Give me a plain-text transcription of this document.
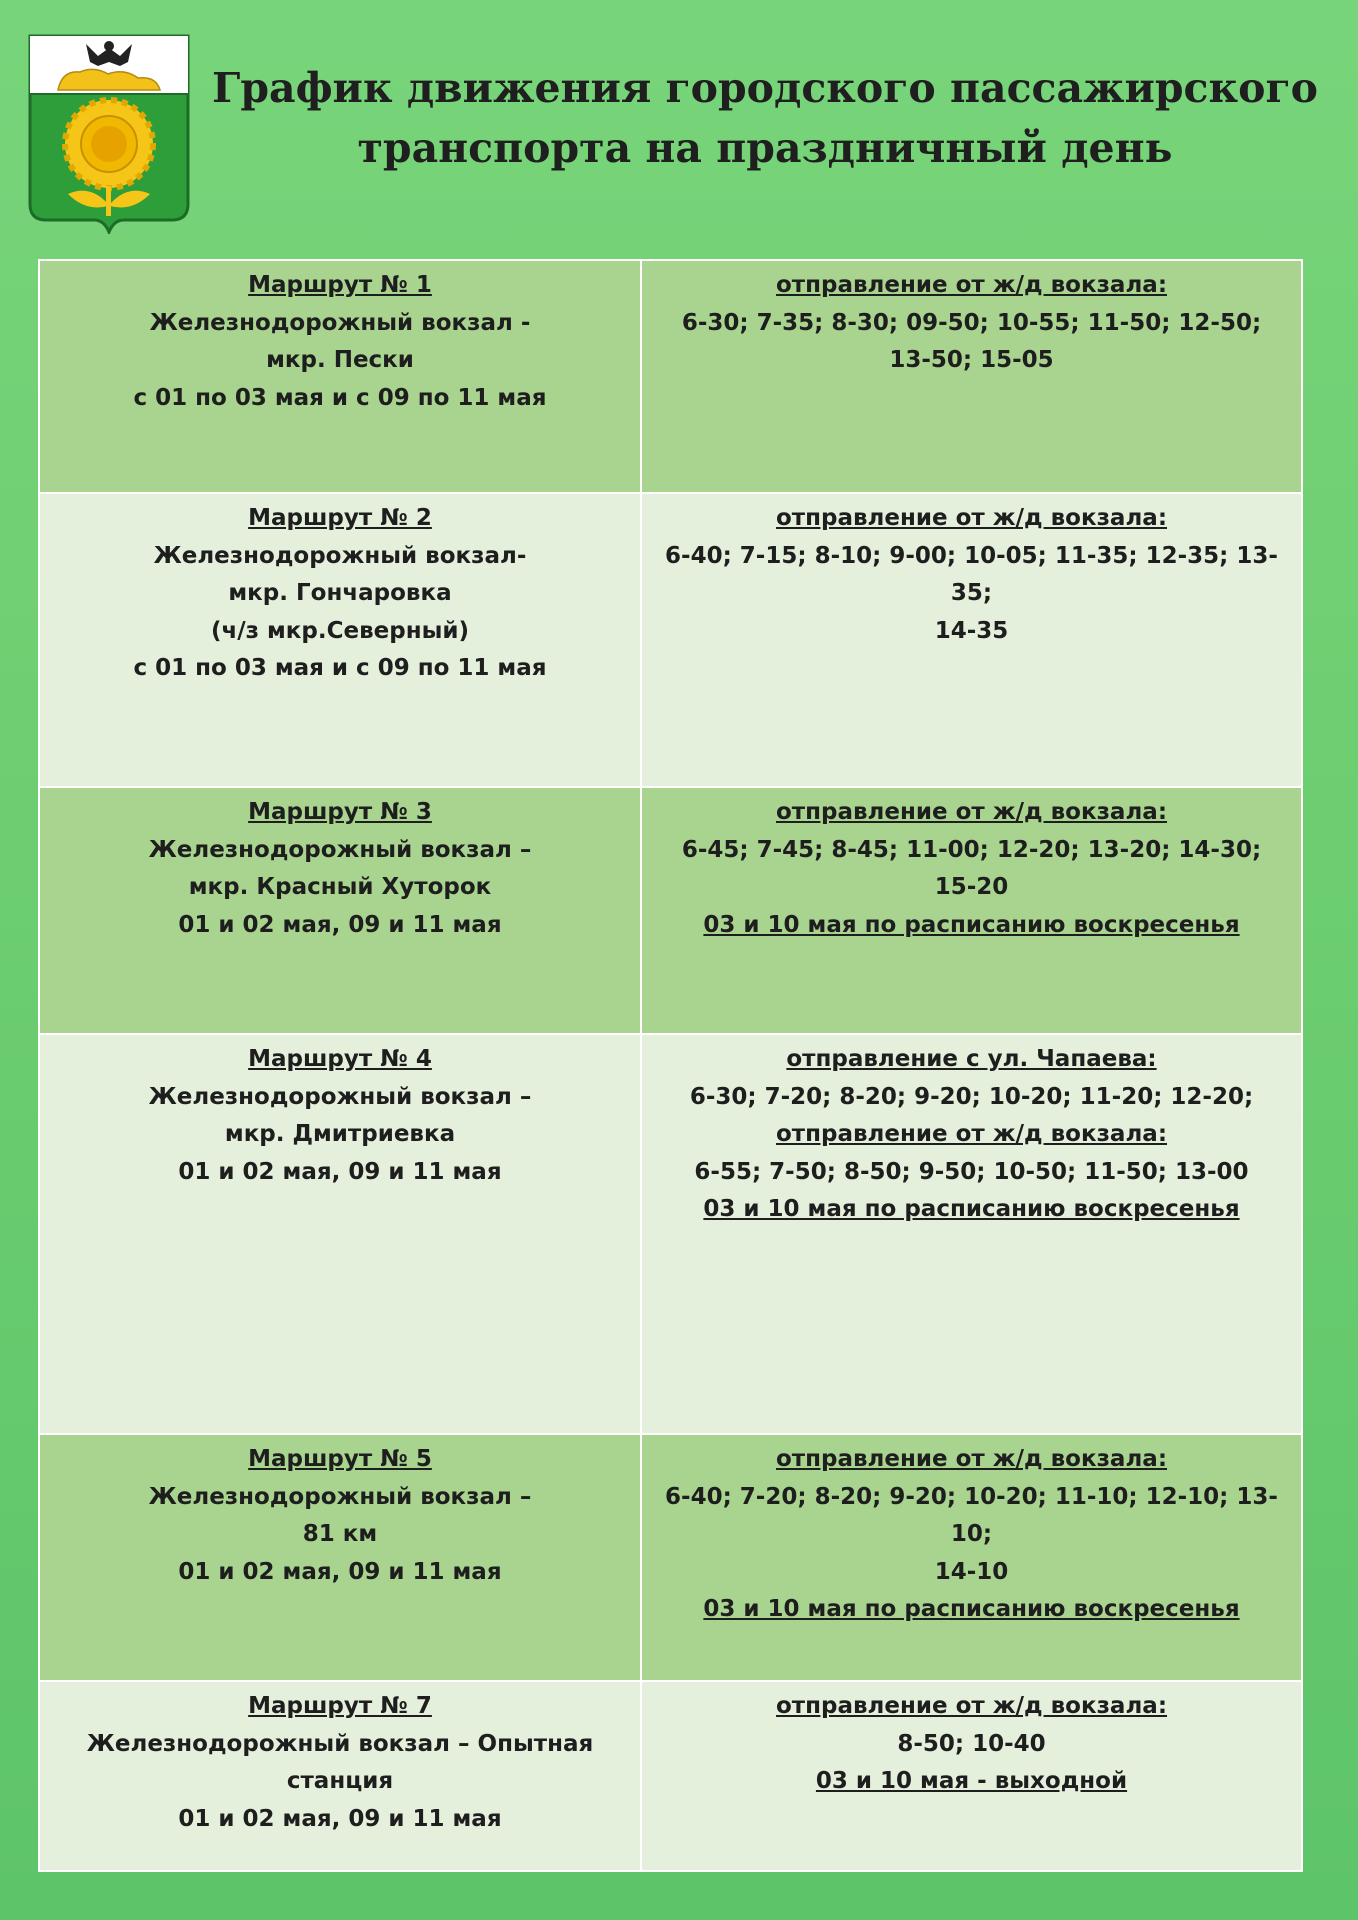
График движения городского пассажирского
транспорта на праздничный день
Маршрут № 1
Железнодорожный вокзал -
мкр. Пески
с 01 по 03 мая и с 09 по 11 мая	отправление от ж/д вокзала:
6-30; 7-35; 8-30; 09-50; 10-55; 11-50; 12-50;
13-50; 15-05

Маршрут № 2
Железнодорожный вокзал-
мкр. Гончаровка
(ч/з мкр.Северный)
с 01 по 03 мая и с 09 по 11 мая	отправление от ж/д вокзала:
6-40; 7-15; 8-10; 9-00; 10-05; 11-35; 12-35; 13-35;
14-35

Маршрут № 3
Железнодорожный вокзал –
мкр. Красный Хуторок
01 и 02 мая, 09 и 11 мая	отправление от ж/д вокзала:
6-45; 7-45; 8-45; 11-00; 12-20; 13-20; 14-30;
15-20
03 и 10 мая по расписанию воскресенья

Маршрут № 4
Железнодорожный вокзал –
мкр. Дмитриевка
01 и 02 мая, 09 и 11 мая	отправление с ул. Чапаева:
6-30; 7-20; 8-20; 9-20; 10-20; 11-20; 12-20;
отправление от ж/д вокзала:
6-55; 7-50; 8-50; 9-50; 10-50; 11-50; 13-00
03 и 10 мая по расписанию воскресенья

Маршрут № 5
Железнодорожный вокзал –
81 км
01 и 02 мая, 09 и 11 мая	отправление от ж/д вокзала:
6-40; 7-20; 8-20; 9-20; 10-20; 11-10; 12-10; 13-10;
14-10
03 и 10 мая по расписанию воскресенья

Маршрут № 7
Железнодорожный вокзал – Опытная
станция
01 и 02 мая, 09 и 11 мая	отправление от ж/д вокзала:
8-50; 10-40
03 и 10 мая - выходной
